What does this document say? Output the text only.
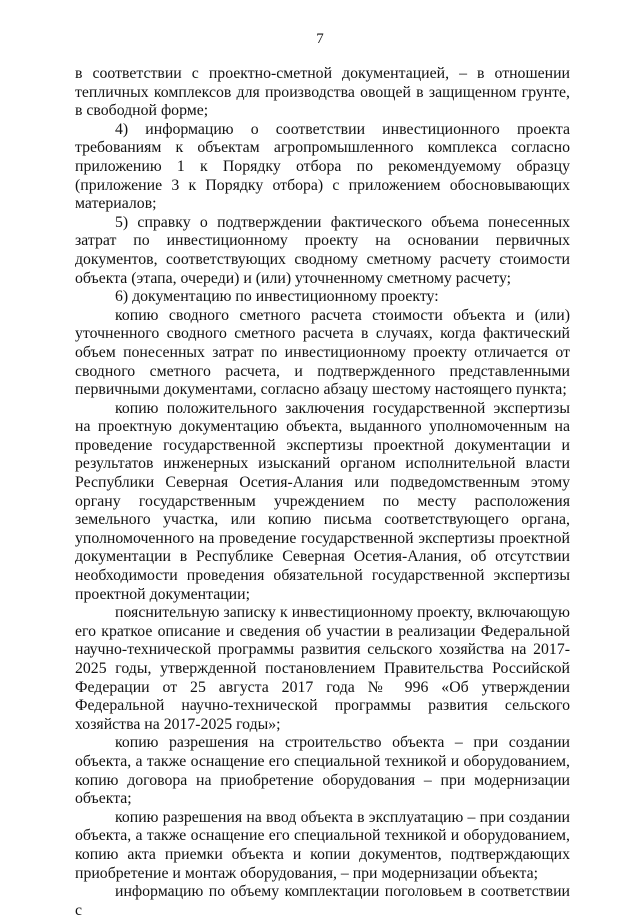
7

в соответствии с проектно-сметной документацией, – в отношении тепличных комплексов для производства овощей в защищенном грунте, в свободной форме;

4) информацию о соответствии инвестиционного проекта требованиям к объектам агропромышленного комплекса согласно приложению 1 к Порядку отбора по рекомендуемому образцу (приложение 3 к Порядку отбора) с приложением обосновывающих материалов;

5) справку о подтверждении фактического объема понесенных затрат по инвестиционному проекту на основании первичных документов, соответствующих сводному сметному расчету стоимости объекта (этапа, очереди) и (или) уточненному сметному расчету;

6) документацию по инвестиционному проекту:

копию сводного сметного расчета стоимости объекта и (или) уточненного сводного сметного расчета в случаях, когда фактический объем понесенных затрат по инвестиционному проекту отличается от сводного сметного расчета, и подтвержденного представленными первичными документами, согласно абзацу шестому настоящего пункта;

копию положительного заключения государственной экспертизы на проектную документацию объекта, выданного уполномоченным на проведение государственной экспертизы проектной документации и результатов инженерных изысканий органом исполнительной власти Республики Северная Осетия-Алания или подведомственным этому органу государственным учреждением по месту расположения земельного участка, или копию письма соответствующего органа, уполномоченного на проведение государственной экспертизы проектной документации в Республике Северная Осетия-Алания, об отсутствии необходимости проведения обязательной государственной экспертизы проектной документации;

пояснительную записку к инвестиционному проекту, включающую его краткое описание и сведения об участии в реализации Федеральной научно-технической программы развития сельского хозяйства на 2017-2025 годы, утвержденной постановлением Правительства Российской Федерации от 25 августа 2017 года № 996 «Об утверждении Федеральной научно-технической программы развития сельского хозяйства на 2017-2025 годы»;

копию разрешения на строительство объекта – при создании объекта, а также оснащение его специальной техникой и оборудованием, копию договора на приобретение оборудования – при модернизации объекта;

копию разрешения на ввод объекта в эксплуатацию – при создании объекта, а также оснащение его специальной техникой и оборудованием, копию акта приемки объекта и копии документов, подтверждающих приобретение и монтаж оборудования, – при модернизации объекта;

информацию по объему комплектации поголовьем в соответствии с
